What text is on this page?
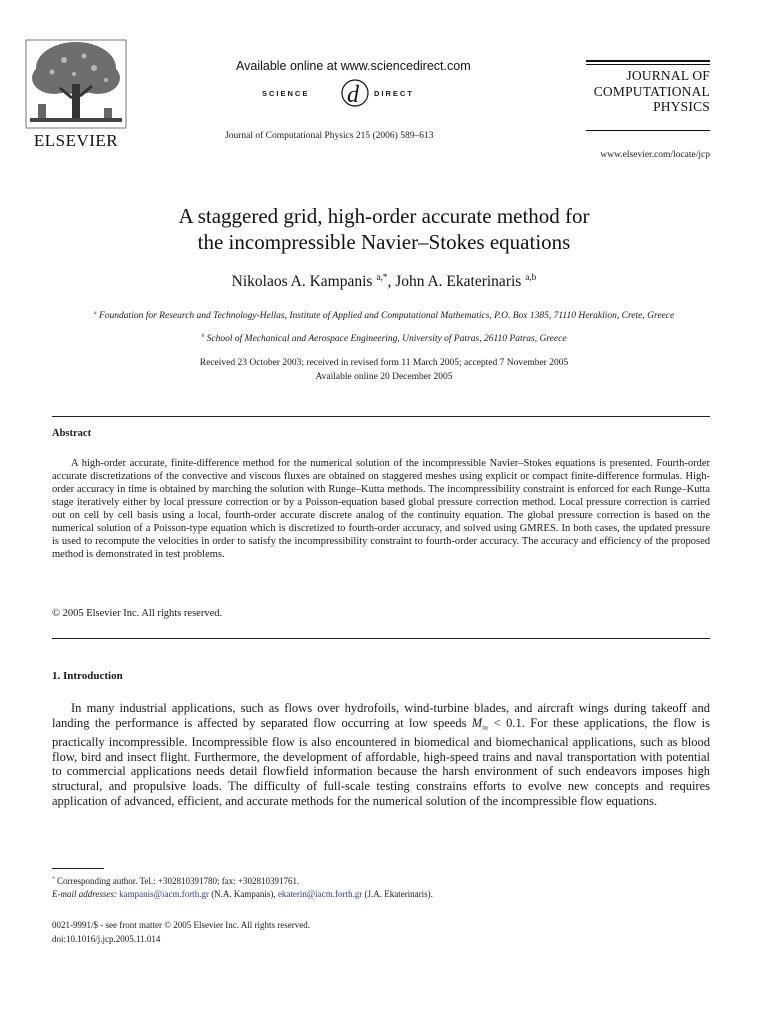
ELSEVIER
Available online at www.sciencedirect.com
d
SCIENCE	DIRECT
Journal of Computational Physics 215 (2006) 589–613
JOURNAL OF
COMPUTATIONAL
PHYSICS
www.elsevier.com/locate/jcp
A staggered grid, high-order accurate method for
the incompressible Navier–Stokes equations
Nikolaos A. Kampanis $^{a,*}$, John A. Ekaterinaris $^{a,b}$
$^a$ Foundation for Research and Technology-Hellas, Institute of Applied and Computational Mathematics, P.O. Box 1385, 71110 Heraklion, Crete, Greece
$^b$ School of Mechanical and Aerospace Engineering, University of Patras, 26110 Patras, Greece
Received 23 October 2003; received in revised form 11 March 2005; accepted 7 November 2005
Available online 20 December 2005
Abstract
A high-order accurate, finite-difference method for the numerical solution of the incompressible Navier–Stokes equations is presented. Fourth-order accurate discretizations of the convective and viscous fluxes are obtained on staggered meshes using explicit or compact finite-difference formulas. High-order accuracy in time is obtained by marching the solution with Runge–Kutta methods. The incompressibility constraint is enforced for each Runge–Kutta stage iteratively either by local pressure correction or by a Poisson-equation based global pressure correction method. Local pressure correction is carried out on cell by cell basis using a local, fourth-order accurate discrete analog of the continuity equation. The global pressure correction is based on the numerical solution of a Poisson-type equation which is discretized to fourth-order accuracy, and solved using GMRES. In both cases, the updated pressure is used to recompute the velocities in order to satisfy the incompressibility constraint to fourth-order accuracy. The accuracy and efficiency of the proposed method is demonstrated in test problems.
© 2005 Elsevier Inc. All rights reserved.
1. Introduction
In many industrial applications, such as flows over hydrofoils, wind-turbine blades, and aircraft wings during takeoff and landing the performance is affected by separated flow occurring at low speeds $M_\infty < 0.1$. For these applications, the flow is practically incompressible. Incompressible flow is also encountered in biomedical and biomechanical applications, such as blood flow, bird and insect flight. Furthermore, the development of affordable, high-speed trains and naval transportation with potential to commercial applications needs detail flowfield information because the harsh environment of such endeavors imposes high structural, and propulsive loads. The difficulty of full-scale testing constrains efforts to evolve new concepts and requires application of advanced, efficient, and accurate methods for the numerical solution of the incompressible flow equations.
* Corresponding author. Tel.: +302810391780; fax: +302810391761.
E-mail addresses: kampanis@iacm.forth.gr (N.A. Kampanis), ekaterin@iacm.forth.gr (J.A. Ekaterinaris).
0021-9991/$ - see front matter © 2005 Elsevier Inc. All rights reserved.
doi:10.1016/j.jcp.2005.11.014
